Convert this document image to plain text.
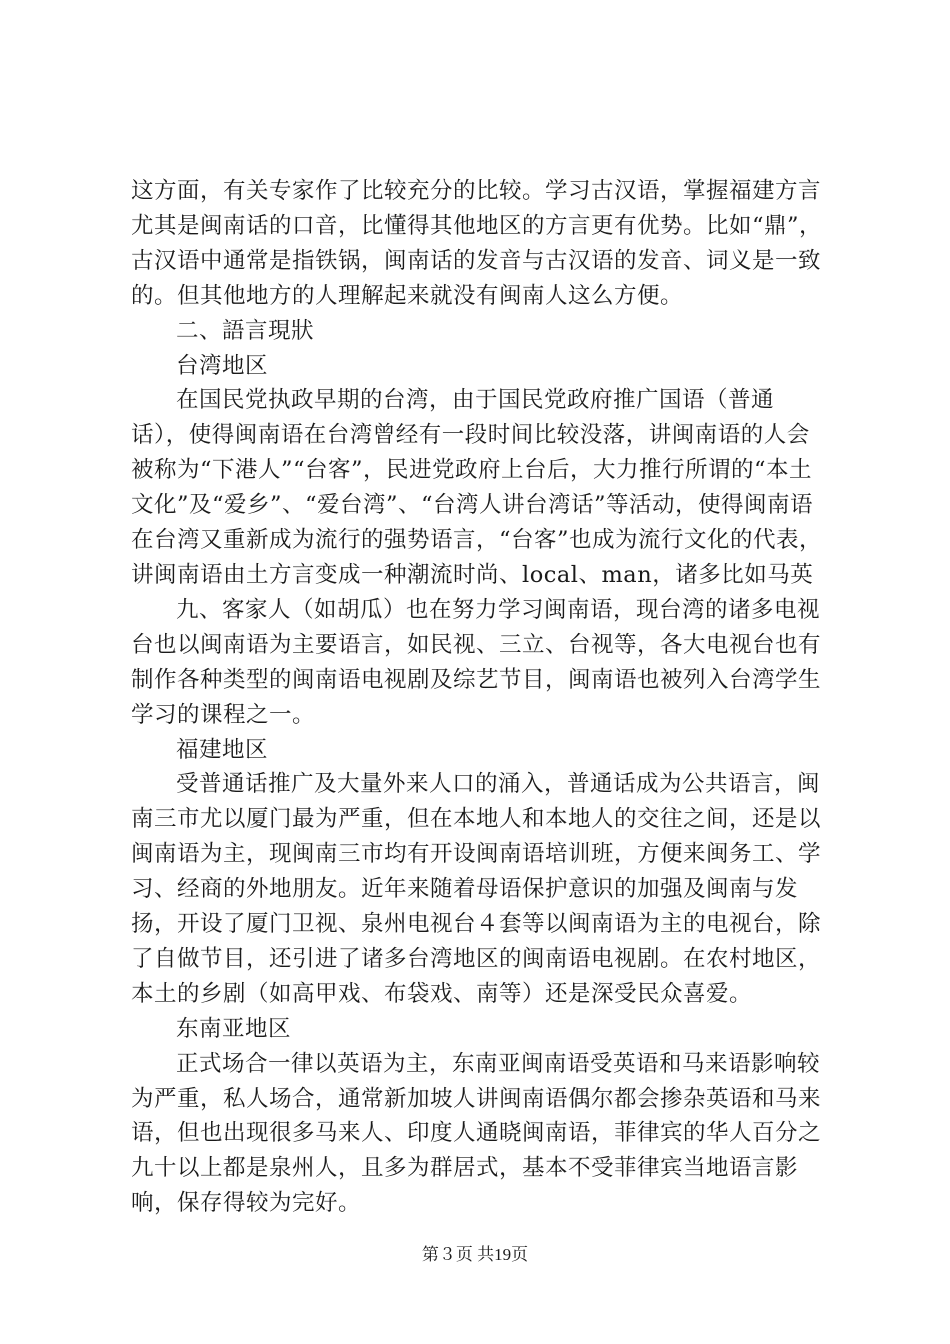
这方面，有关专家作了比较充分的比较。学习古汉语，掌握福建方言尤其是闽南话的口音，比懂得其他地区的方言更有优势。比如“鼎”，古汉语中通常是指铁锅，闽南话的发音与古汉语的发音、词义是一致的。但其他地方的人理解起来就没有闽南人这么方便。

二、語言現狀

台湾地区

在国民党执政早期的台湾，由于国民党政府推广国语（普通话），使得闽南语在台湾曾经有一段时间比较没落，讲闽南语的人会被称为“下港人”“台客”，民进党政府上台后，大力推行所谓的“本土文化”及“爱乡”、“爱台湾”、“台湾人讲台湾话”等活动，使得闽南语在台湾又重新成为流行的强势语言，“台客”也成为流行文化的代表，讲闽南语由土方言变成一种潮流时尚、local、man，诸多比如马英

九、客家人（如胡瓜）也在努力学习闽南语，现台湾的诸多电视台也以闽南语为主要语言，如民视、三立、台视等，各大电视台也有制作各种类型的闽南语电视剧及综艺节目，闽南语也被列入台湾学生学习的课程之一。

福建地区

受普通话推广及大量外来人口的涌入，普通话成为公共语言，闽南三市尤以厦门最为严重，但在本地人和本地人的交往之间，还是以闽南语为主，现闽南三市均有开设闽南语培训班，方便来闽务工、学习、经商的外地朋友。近年来随着母语保护意识的加强及闽南与发扬，开设了厦门卫视、泉州电视台４套等以闽南语为主的电视台，除了自做节目，还引进了诸多台湾地区的闽南语电视剧。在农村地区，本土的乡剧（如高甲戏、布袋戏、南等）还是深受民众喜爱。

东南亚地区

正式场合一律以英语为主，东南亚闽南语受英语和马来语影响较为严重，私人场合，通常新加坡人讲闽南语偶尔都会掺杂英语和马来语，但也出现很多马来人、印度人通晓闽南语，菲律宾的华人百分之九十以上都是泉州人，且多为群居式，基本不受菲律宾当地语言影响，保存得较为完好。

第３页 共19页
